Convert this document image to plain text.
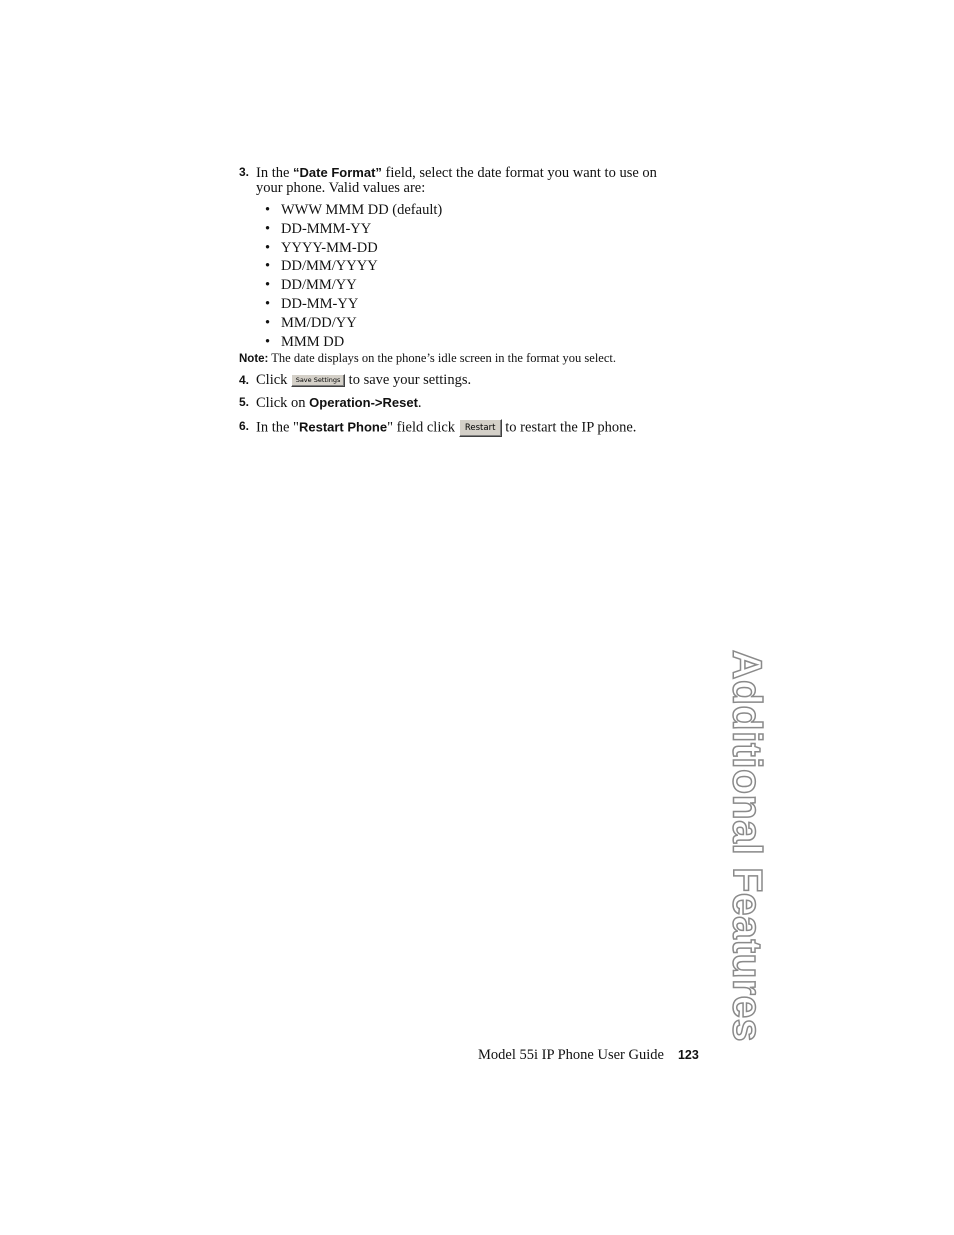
3. In the “Date Format” field, select the date format you want to use on
your phone. Valid values are:
• WWW MMM DD (default)
• DD-MMM-YY
• YYYY-MM-DD
• DD/MM/YYYY
• DD/MM/YY
• DD-MM-YY
• MM/DD/YY
• MMM DD
Note: The date displays on the phone’s idle screen in the format you select.
4. Click Save Settings to save your settings.
5. Click on Operation->Reset.
6. In the "Restart Phone" field click Restart to restart the IP phone.
Additional Features
Model 55i IP Phone User Guide 123
